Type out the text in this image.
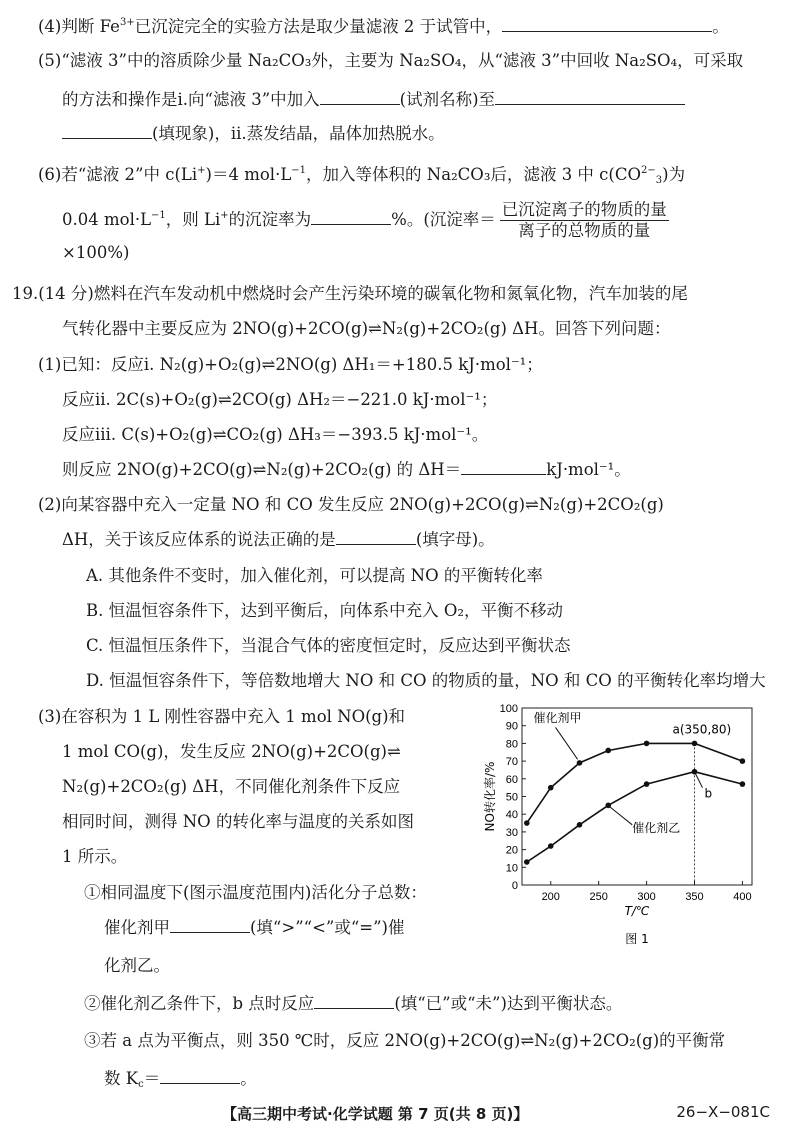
(4)判断 $Fe^{3+}$已沉淀完全的实验方法是取少量滤液 2 于试管中，	。
(5)“滤液 3”中的溶质除少量 Na₂CO₃外，主要为 Na₂SO₄，从“滤液 3”中回收 Na₂SO₄，可采取
的方法和操作是ⅰ.向“滤液 3”中加入	(试剂名称)至
(填现象)，ⅱ.蒸发结晶，晶体加热脱水。
(6)若“滤液 2”中 c(Li+)＝4 $mol\cdot L^{-1}$，加入等体积的 Na₂CO₃后，滤液 3 中 $c(CO^{2-}_3)$为
0.04 $mol\cdot L^{-1}$，则 Li+的沉淀率为	%。(沉淀率＝ $\frac{\text{已沉淀离子的物质的量}}{\text{离子的总物质的量}}$
×100%)
19.(14 分)燃料在汽车发动机中燃烧时会产生污染环境的碳氧化物和氮氧化物，汽车加装的尾
气转化器中主要反应为 2NO(g)+2CO(g)⇌N₂(g)+2CO₂(g) ΔH。回答下列问题：
(1)已知：反应ⅰ. N₂(g)+O₂(g)⇌2NO(g) ΔH₁＝+180.5 kJ·mol⁻¹；
反应ⅱ. 2C(s)+O₂(g)⇌2CO(g) ΔH₂＝−221.0 kJ·mol⁻¹；
反应ⅲ. C(s)+O₂(g)⇌CO₂(g) ΔH₃＝−393.5 kJ·mol⁻¹。
则反应 2NO(g)+2CO(g)⇌N₂(g)+2CO₂(g) 的 ΔH＝	kJ·mol⁻¹。
(2)向某容器中充入一定量 NO 和 CO 发生反应 2NO(g)+2CO(g)⇌N₂(g)+2CO₂(g)
ΔH，关于该反应体系的说法正确的是	(填字母)。
A. 其他条件不变时，加入催化剂，可以提高 NO 的平衡转化率
B. 恒温恒容条件下，达到平衡后，向体系中充入 O₂，平衡不移动
C. 恒温恒压条件下，当混合气体的密度恒定时，反应达到平衡状态
D. 恒温恒容条件下，等倍数地增大 NO 和 CO 的物质的量，NO 和 CO 的平衡转化率均增大
(3)在容积为 1 L 刚性容器中充入 1 mol NO(g)和
1 mol CO(g)，发生反应 2NO(g)+2CO(g)⇌
N₂(g)+2CO₂(g) ΔH，不同催化剂条件下反应
相同时间，测得 NO 的转化率与温度的关系如图
1 所示。
①相同温度下(图示温度范围内)活化分子总数：
催化剂甲	(填“>”“<”或“=”)催
化剂乙。
②催化剂乙条件下，b 点时反应	(填“已”或“未”)达到平衡状态。
③若 a 点为平衡点，则 350 ℃时，反应 2NO(g)+2CO(g)⇌N₂(g)+2CO₂(g)的平衡常
数 $K_c=$	。
0
10
20
30
40
50
60
70
80
90
100
200	250	300	350	400
T/℃
NO转化率/%
图 1
催化剂甲
催化剂乙
a(350,80)
b
【高三期中考试·化学试题 第 7 页(共 8 页)】	26−X−081C
